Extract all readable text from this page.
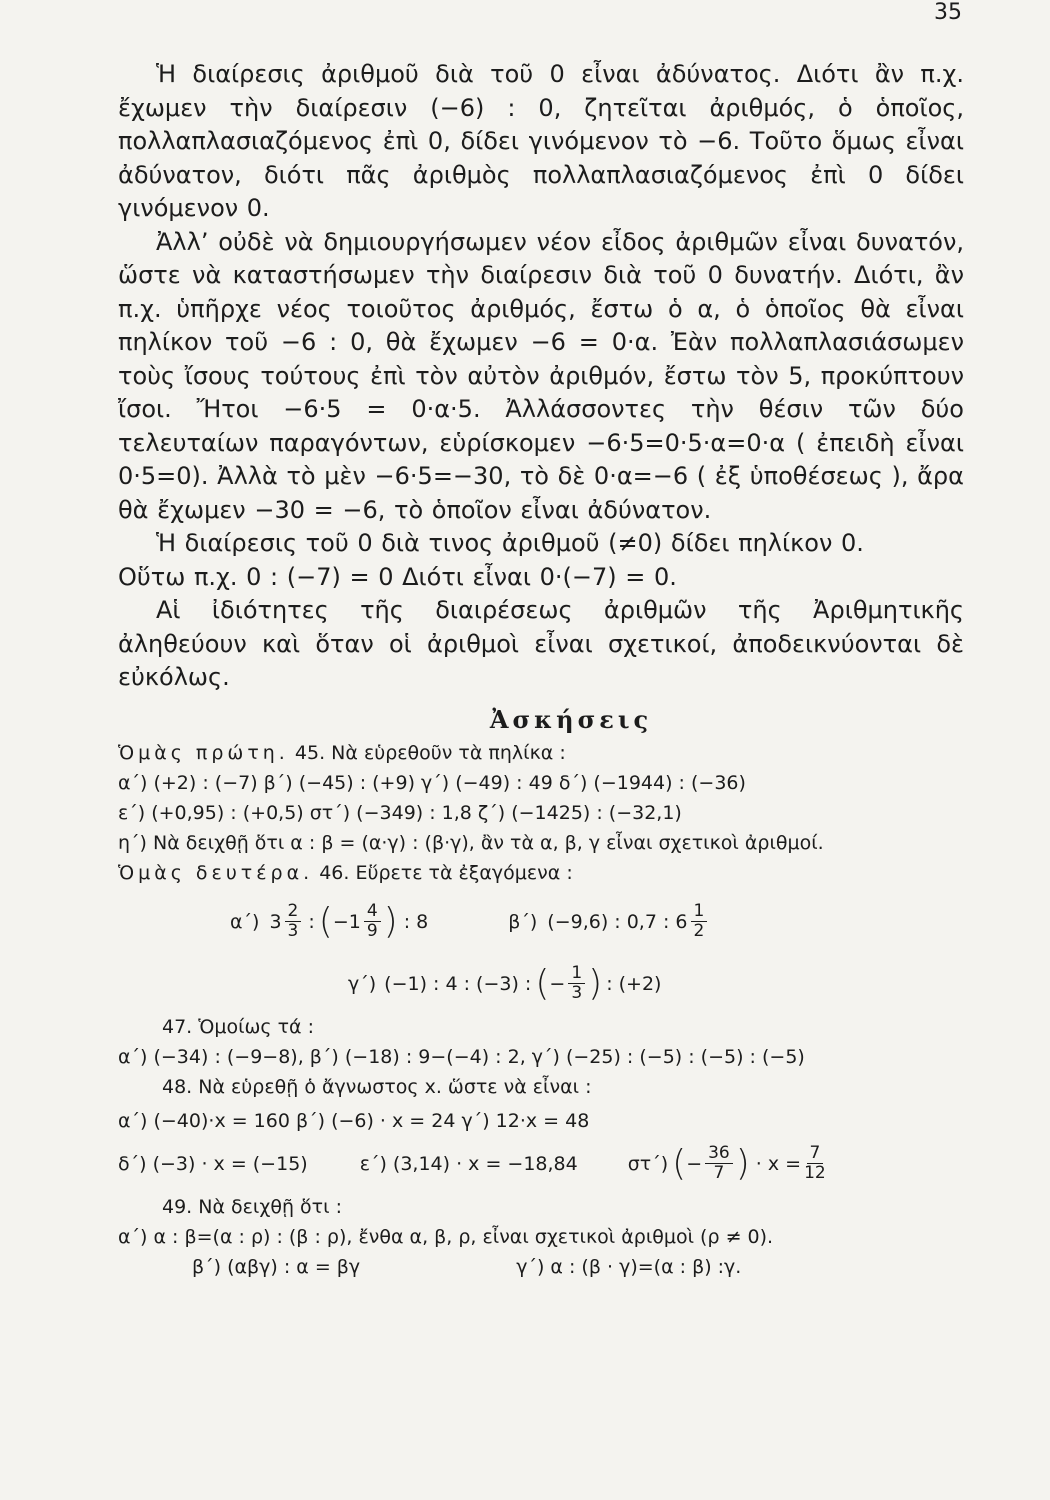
35

Ἡ διαίρεσις ἀριθμοῦ διὰ τοῦ 0 εἶναι ἀδύνατος. Διότι ἂν π.χ. ἔχωμεν τὴν διαίρεσιν (−6) : 0, ζητεῖται ἀριθμός, ὁ ὁποῖος, πολλαπλασιαζόμενος ἐπὶ 0, δίδει γινόμενον τὸ −6. Τοῦτο ὅμως εἶναι ἀδύνατον, διότι πᾶς ἀριθμὸς πολλαπλασιαζόμενος ἐπὶ 0 δίδει γινόμενον 0.

Ἀλλ’ οὐδὲ νὰ δημιουργήσωμεν νέον εἶδος ἀριθμῶν εἶναι δυνατόν, ὥστε νὰ καταστήσωμεν τὴν διαίρεσιν διὰ τοῦ 0 δυνατήν. Διότι, ἂν π.χ. ὑπῆρχε νέος τοιοῦτος ἀριθμός, ἔστω ὁ α, ὁ ὁποῖος θὰ εἶναι πηλίκον τοῦ −6 : 0, θὰ ἔχωμεν −6 = 0·α. Ἐὰν πολλαπλασιάσωμεν τοὺς ἴσους τούτους ἐπὶ τὸν αὐτὸν ἀριθμόν, ἔστω τὸν 5, προκύπτουν ἴσοι. Ἤτοι −6·5 = 0·α·5. Ἀλλάσσοντες τὴν θέσιν τῶν δύο τελευταίων παραγόντων, εὑρίσκομεν −6·5=0·5·α=0·α ( ἐπειδὴ εἶναι 0·5=0). Ἀλλὰ τὸ μὲν −6·5=−30, τὸ δὲ 0·α=−6 ( ἐξ ὑποθέσεως ), ἄρα θὰ ἔχωμεν −30 = −6, τὸ ὁποῖον εἶναι ἀδύνατον.

Ἡ διαίρεσις τοῦ 0 διὰ τινος ἀριθμοῦ (≠0) δίδει πηλίκον 0.

Οὕτω π.χ. 0 : (−7) = 0 Διότι εἶναι 0·(−7) = 0.

Αἱ ἰδιότητες τῆς διαιρέσεως ἀριθμῶν τῆς Ἀριθμητικῆς ἀληθεύουν καὶ ὅταν οἱ ἀριθμοὶ εἶναι σχετικοί, ἀποδεικνύονται δὲ εὐκόλως.

Ἀσκήσεις

Ὁμὰς πρώτη. 45. Νὰ εὑρεθοῦν τὰ πηλίκα :

α΄) (+2) : (−7) β΄) (−45) : (+9) γ΄) (−49) : 49 δ΄) (−1944) : (−36)

ε΄) (+0,95) : (+0,5) στ΄) (−349) : 1,8 ζ΄) (−1425) : (−32,1)

η΄) Νὰ δειχθῇ ὅτι α : β = (α·γ) : (β·γ), ἂν τὰ α, β, γ εἶναι σχετικοὶ ἀριθμοί.

Ὁμὰς δευτέρα. 46. Εὕρετε τὰ ἐξαγόμενα :

α΄) $3 \frac{2}{3}$ : ( $-1 \frac{4}{9}$ ) : 8	β΄) (−9,6) : 0,7 : $6 \frac{1}{2}$
γ΄) (−1) : 4 : (−3) : ( − $\frac{1}{3}$ ) : (+2)

47. Ὁμοίως τά :

α΄) (−34) : (−9−8), β΄) (−18) : 9−(−4) : 2, γ΄) (−25) : (−5) : (−5) : (−5)

48. Νὰ εὑρεθῇ ὁ ἄγνωστος x. ὥστε νὰ εἶναι :

α΄) (−40)·x = 160 β΄) (−6) · x = 24 γ΄) 12·x = 48

δ΄) (−3) · x = (−15)	ε΄) (3,14) · x = −18,84	στ΄) ( − $\frac{36}{7}$ ) · $x = \frac{7}{12}$

49. Νὰ δειχθῇ ὅτι :

α΄) α : β=(α : ρ) : (β : ρ), ἔνθα α, β, ρ, εἶναι σχετικοὶ ἀριθμοὶ (ρ ≠ 0).

β΄) (αβγ) : α = βγ	γ΄) α : (β · γ)=(α : β) :γ.
